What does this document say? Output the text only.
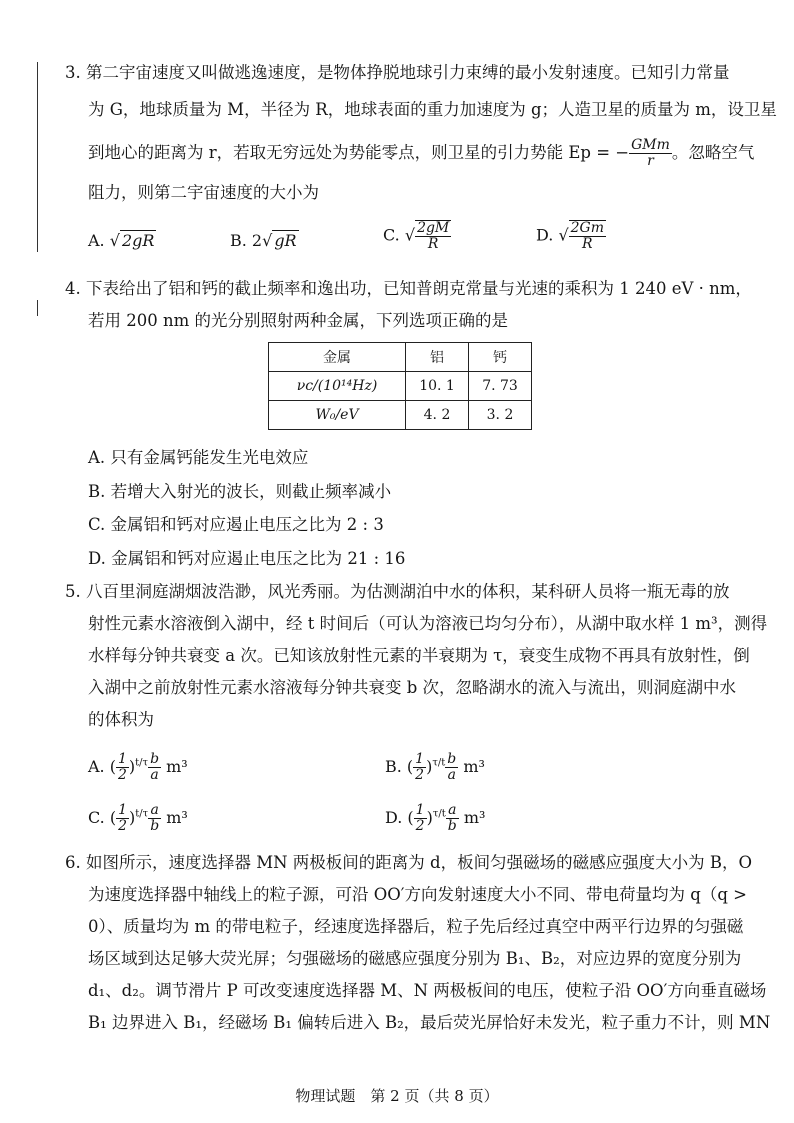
3. 第二宇宙速度又叫做逃逸速度，是物体挣脱地球引力束缚的最小发射速度。已知引力常量
为 G，地球质量为 M，半径为 R，地球表面的重力加速度为 g；人造卫星的质量为 m，设卫星
到地心的距离为 r，若取无穷远处为势能零点，则卫星的引力势能 Ep = − $\frac{\text{GMm}}{r}$ 。忽略空气
阻力，则第二宇宙速度的大小为
A. √ 2gR	B. 2√ gR	C. √ $\frac{2gM}{R}$	D. √ $\frac{2Gm}{R}$
4. 下表给出了铝和钙的截止频率和逸出功，已知普朗克常量与光速的乘积为 1 240 eV · nm，
若用 200 nm 的光分别照射两种金属，下列选项正确的是
金属	铝	钙
νc/(10¹⁴Hz)	10. 1	7. 73
W₀/eV	4. 2	3. 2
A. 只有金属钙能发生光电效应
B. 若增大入射光的波长，则截止频率减小
C. 金属铝和钙对应遏止电压之比为 2 : 3
D. 金属铝和钙对应遏止电压之比为 21 : 16
5. 八百里洞庭湖烟波浩渺，风光秀丽。为估测湖泊中水的体积，某科研人员将一瓶无毒的放
射性元素水溶液倒入湖中，经 t 时间后（可认为溶液已均匀分布），从湖中取水样 1 m³，测得
水样每分钟共衰变 a 次。已知该放射性元素的半衰期为 τ，衰变生成物不再具有放射性，倒
入湖中之前放射性元素水溶液每分钟共衰变 b 次，忽略湖水的流入与流出，则洞庭湖中水
的体积为
A. ( $\frac{1}{2} )^{t/\tau} \frac{b}{a} m^3$	B. ( $\frac{1}{2} )^{\tau/t} \frac{b}{a} m^3$
C. ( $\frac{1}{2} )^{t/\tau} \frac{a}{b} m^3$	D. ( $\frac{1}{2} )^{\tau/t} \frac{a}{b} m^3$
6. 如图所示，速度选择器 MN 两极板间的距离为 d，板间匀强磁场的磁感应强度大小为 B，O
为速度选择器中轴线上的粒子源，可沿 OO′方向发射速度大小不同、带电荷量均为 q（q >
0）、质量均为 m 的带电粒子，经速度选择器后，粒子先后经过真空中两平行边界的匀强磁
场区域到达足够大荧光屏；匀强磁场的磁感应强度分别为 B₁、B₂，对应边界的宽度分别为
d₁、d₂。调节滑片 P 可改变速度选择器 M、N 两极板间的电压，使粒子沿 OO′方向垂直磁场
B₁ 边界进入 B₁，经磁场 B₁ 偏转后进入 B₂，最后荧光屏恰好未发光，粒子重力不计，则 MN
物理试题　第 2 页（共 8 页）
